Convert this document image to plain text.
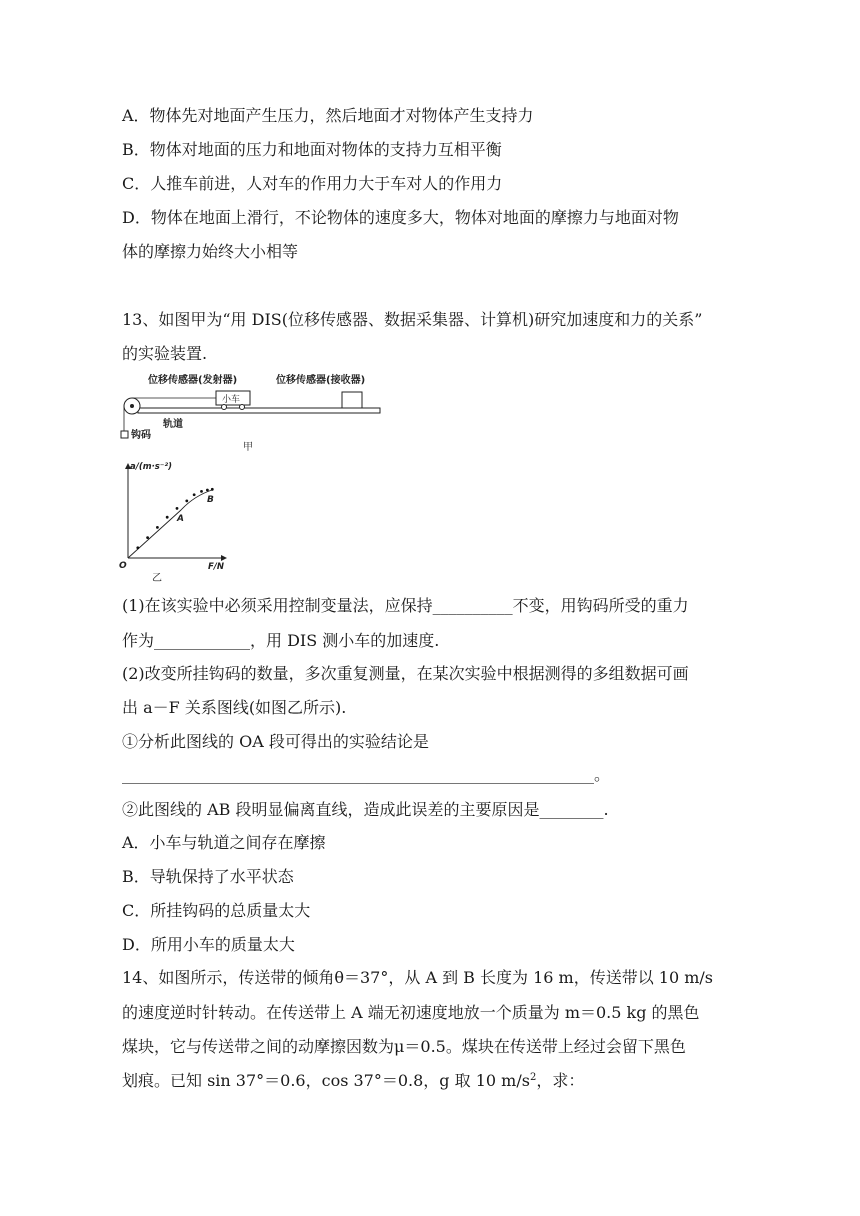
A．物体先对地面产生压力，然后地面才对物体产生支持力
B．物体对地面的压力和地面对物体的支持力互相平衡
C．人推车前进，人对车的作用力大于车对人的作用力
D．物体在地面上滑行，不论物体的速度多大，物体对地面的摩擦力与地面对物
体的摩擦力始终大小相等
13、如图甲为“用 DIS(位移传感器、数据采集器、计算机)研究加速度和力的关系”
的实验装置.
位移传感器(发射器)	位移传感器(接收器)
小车
钩码
轨道
甲
a/(m·s⁻²)
F/N
O
A
B
乙
(1)在该实验中必须采用控制变量法，应保持__________不变，用钩码所受的重力
作为____________，用 DIS 测小车的加速度.
(2)改变所挂钩码的数量，多次重复测量，在某次实验中根据测得的多组数据可画
出 a－F 关系图线(如图乙所示).
①分析此图线的 OA 段可得出的实验结论是
___________________________________________________________。
②此图线的 AB 段明显偏离直线，造成此误差的主要原因是________.
A．小车与轨道之间存在摩擦
B．导轨保持了水平状态
C．所挂钩码的总质量太大
D．所用小车的质量太大
14、如图所示，传送带的倾角θ＝37°，从 A 到 B 长度为 16 m，传送带以 10 m/s
的速度逆时针转动。在传送带上 A 端无初速度地放一个质量为 m＝0.5 kg 的黑色
煤块，它与传送带之间的动摩擦因数为μ＝0.5。煤块在传送带上经过会留下黑色
划痕。已知 sin 37°＝0.6，cos 37°＝0.8，g 取 10 $m/s^2$，求：
